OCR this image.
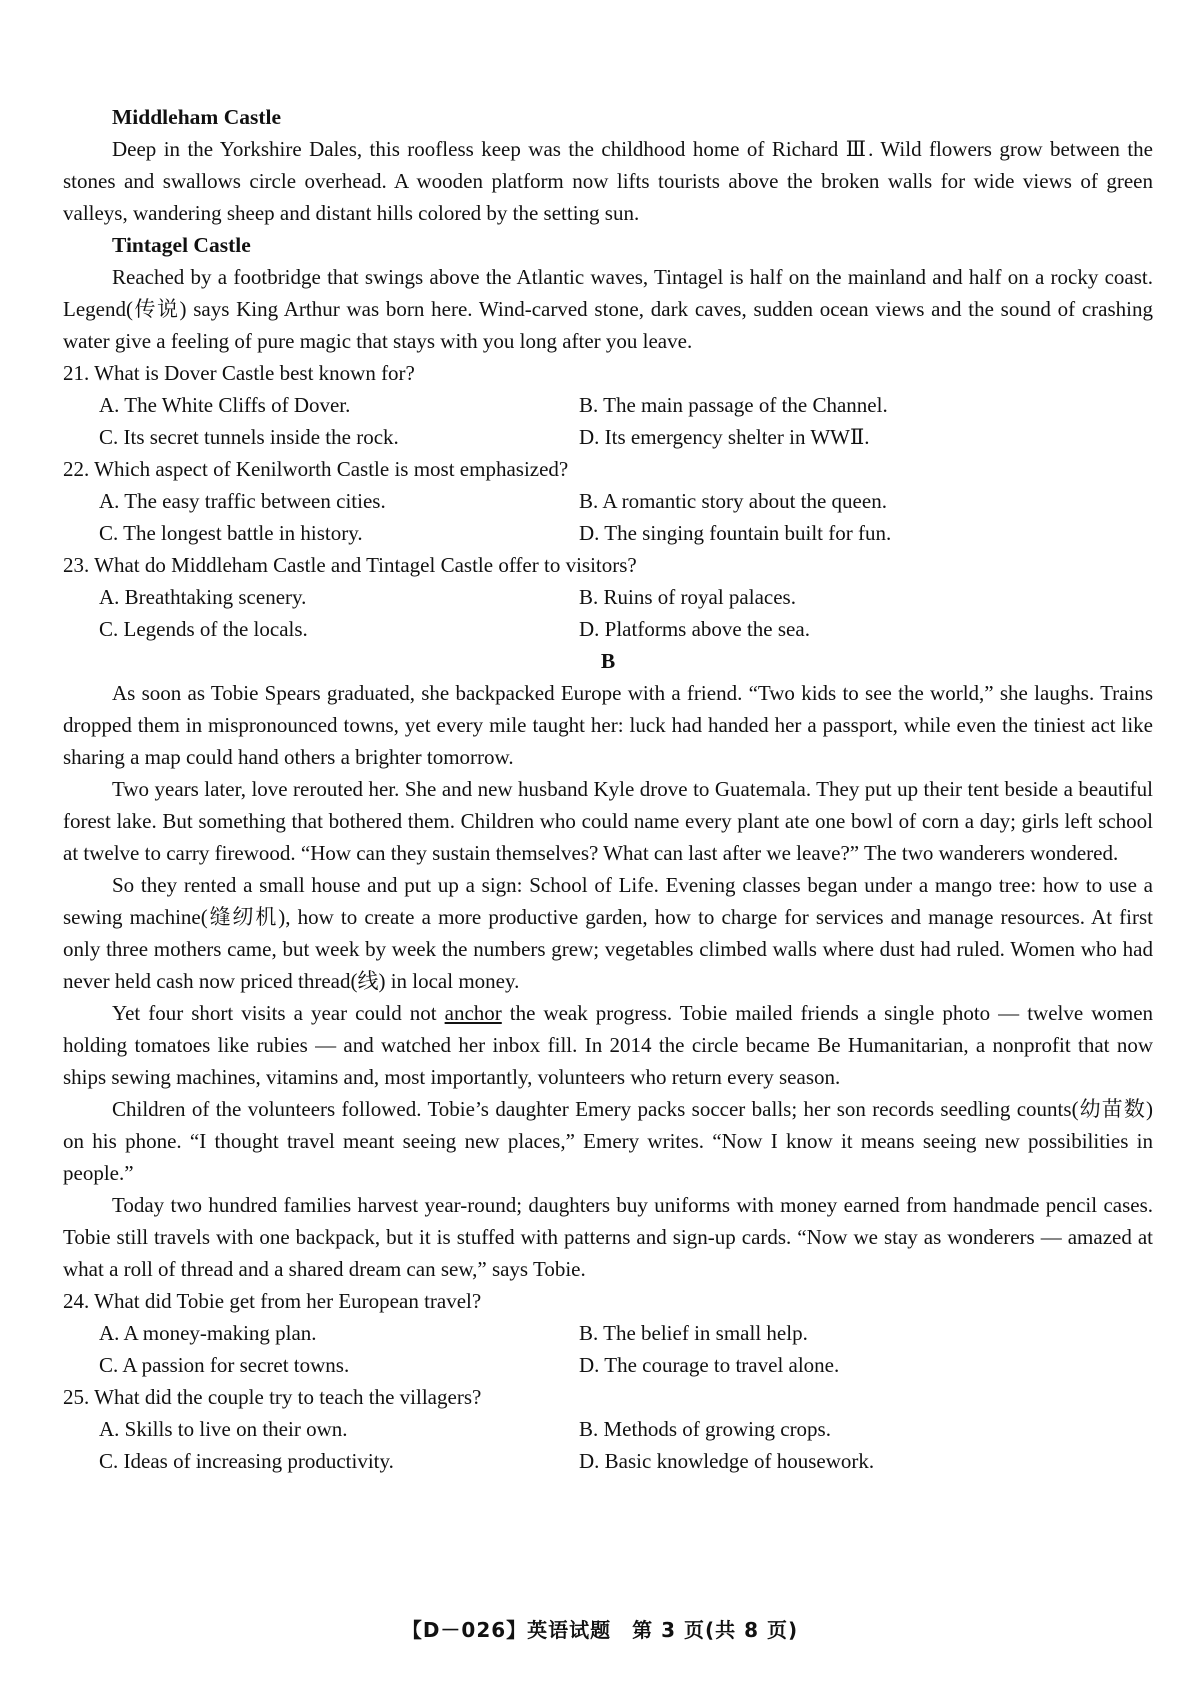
Middleham Castle

Deep in the Yorkshire Dales, this roofless keep was the childhood home of Richard Ⅲ. Wild flowers grow between the stones and swallows circle overhead. A wooden platform now lifts tourists above the broken walls for wide views of green valleys, wandering sheep and distant hills colored by the setting sun.

Tintagel Castle

Reached by a footbridge that swings above the Atlantic waves, Tintagel is half on the mainland and half on a rocky coast. Legend(传说) says King Arthur was born here. Wind-carved stone, dark caves, sudden ocean views and the sound of crashing water give a feeling of pure magic that stays with you long after you leave.

21. What is Dover Castle best known for?

A. The White Cliffs of Dover.	B. The main passage of the Channel.
C. Its secret tunnels inside the rock.	D. Its emergency shelter in WWⅡ.

22. Which aspect of Kenilworth Castle is most emphasized?

A. The easy traffic between cities.	B. A romantic story about the queen.
C. The longest battle in history.	D. The singing fountain built for fun.

23. What do Middleham Castle and Tintagel Castle offer to visitors?

A. Breathtaking scenery.	B. Ruins of royal palaces.
C. Legends of the locals.	D. Platforms above the sea.
B

As soon as Tobie Spears graduated, she backpacked Europe with a friend. “Two kids to see the world,” she laughs. Trains dropped them in mispronounced towns, yet every mile taught her: luck had handed her a passport, while even the tiniest act like sharing a map could hand others a brighter tomorrow.

Two years later, love rerouted her. She and new husband Kyle drove to Guatemala. They put up their tent beside a beautiful forest lake. But something that bothered them. Children who could name every plant ate one bowl of corn a day; girls left school at twelve to carry firewood. “How can they sustain themselves? What can last after we leave?” The two wanderers wondered.

So they rented a small house and put up a sign: School of Life. Evening classes began under a mango tree: how to use a sewing machine(缝纫机), how to create a more productive garden, how to charge for services and manage resources. At first only three mothers came, but week by week the numbers grew; vegetables climbed walls where dust had ruled. Women who had never held cash now priced thread(线) in local money.

Yet four short visits a year could not anchor the weak progress. Tobie mailed friends a single photo — twelve women holding tomatoes like rubies — and watched her inbox fill. In 2014 the circle became Be Humanitarian, a nonprofit that now ships sewing machines, vitamins and, most importantly, volunteers who return every season.

Children of the volunteers followed. Tobie’s daughter Emery packs soccer balls; her son records seedling counts(幼苗数) on his phone. “I thought travel meant seeing new places,” Emery writes. “Now I know it means seeing new possibilities in people.”

Today two hundred families harvest year-round; daughters buy uniforms with money earned from handmade pencil cases. Tobie still travels with one backpack, but it is stuffed with patterns and sign-up cards. “Now we stay as wonderers — amazed at what a roll of thread and a shared dream can sew,” says Tobie.

24. What did Tobie get from her European travel?

A. A money-making plan.	B. The belief in small help.
C. A passion for secret towns.	D. The courage to travel alone.

25. What did the couple try to teach the villagers?

A. Skills to live on their own.	B. Methods of growing crops.
C. Ideas of increasing productivity.	D. Basic knowledge of housework.
【D－026】英语试题　第 3 页(共 8 页)
